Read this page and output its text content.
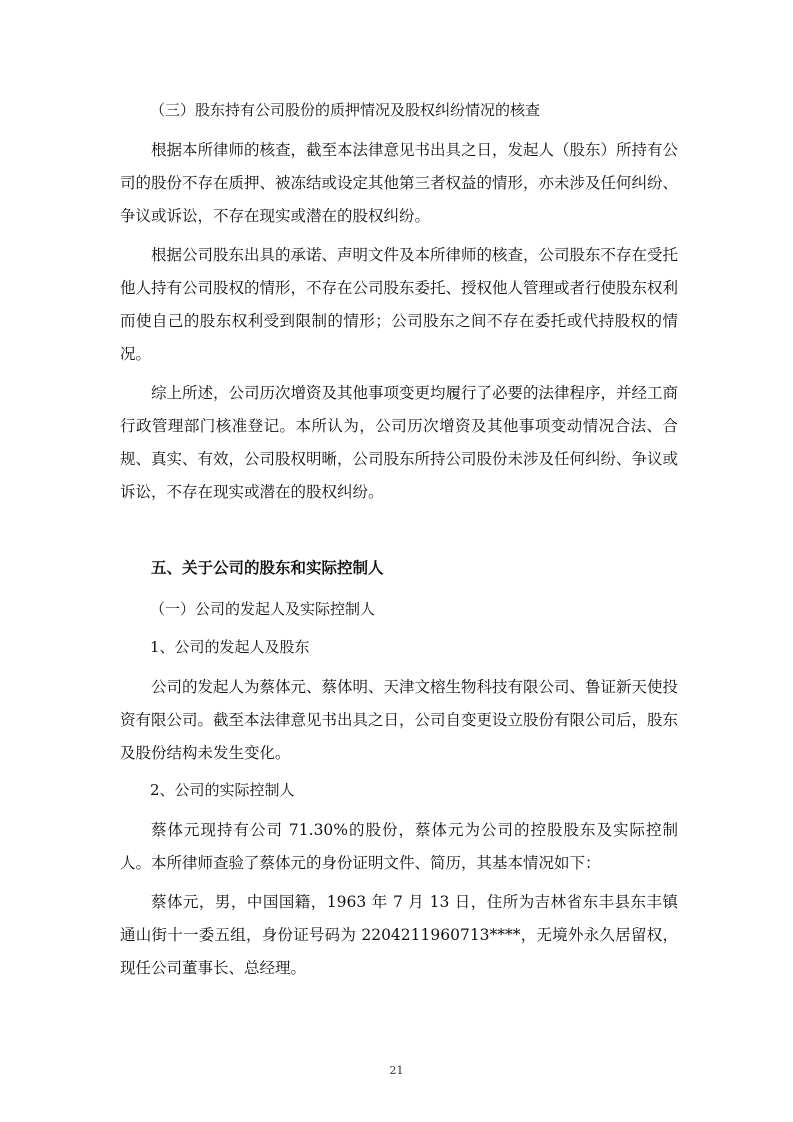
（三）股东持有公司股份的质押情况及股权纠纷情况的核查

根据本所律师的核查，截至本法律意见书出具之日，发起人（股东）所持有公司的股份不存在质押、被冻结或设定其他第三者权益的情形，亦未涉及任何纠纷、争议或诉讼，不存在现实或潜在的股权纠纷。

根据公司股东出具的承诺、声明文件及本所律师的核查，公司股东不存在受托他人持有公司股权的情形，不存在公司股东委托、授权他人管理或者行使股东权利而使自己的股东权利受到限制的情形；公司股东之间不存在委托或代持股权的情况。

综上所述，公司历次增资及其他事项变更均履行了必要的法律程序，并经工商行政管理部门核准登记。本所认为，公司历次增资及其他事项变动情况合法、合规、真实、有效，公司股权明晰，公司股东所持公司股份未涉及任何纠纷、争议或诉讼，不存在现实或潜在的股权纠纷。

五、关于公司的股东和实际控制人
（一）公司的发起人及实际控制人
1、公司的发起人及股东

公司的发起人为蔡体元、蔡体明、天津文榕生物科技有限公司、鲁证新天使投资有限公司。截至本法律意见书出具之日，公司自变更设立股份有限公司后，股东及股份结构未发生变化。

2、公司的实际控制人

蔡体元现持有公司 71.30%的股份，蔡体元为公司的控股股东及实际控制人。本所律师查验了蔡体元的身份证明文件、简历，其基本情况如下：

蔡体元，男，中国国籍，1963 年 7 月 13 日，住所为吉林省东丰县东丰镇通山街十一委五组，身份证号码为 2204211960713****，无境外永久居留权，现任公司董事长、总经理。

21
